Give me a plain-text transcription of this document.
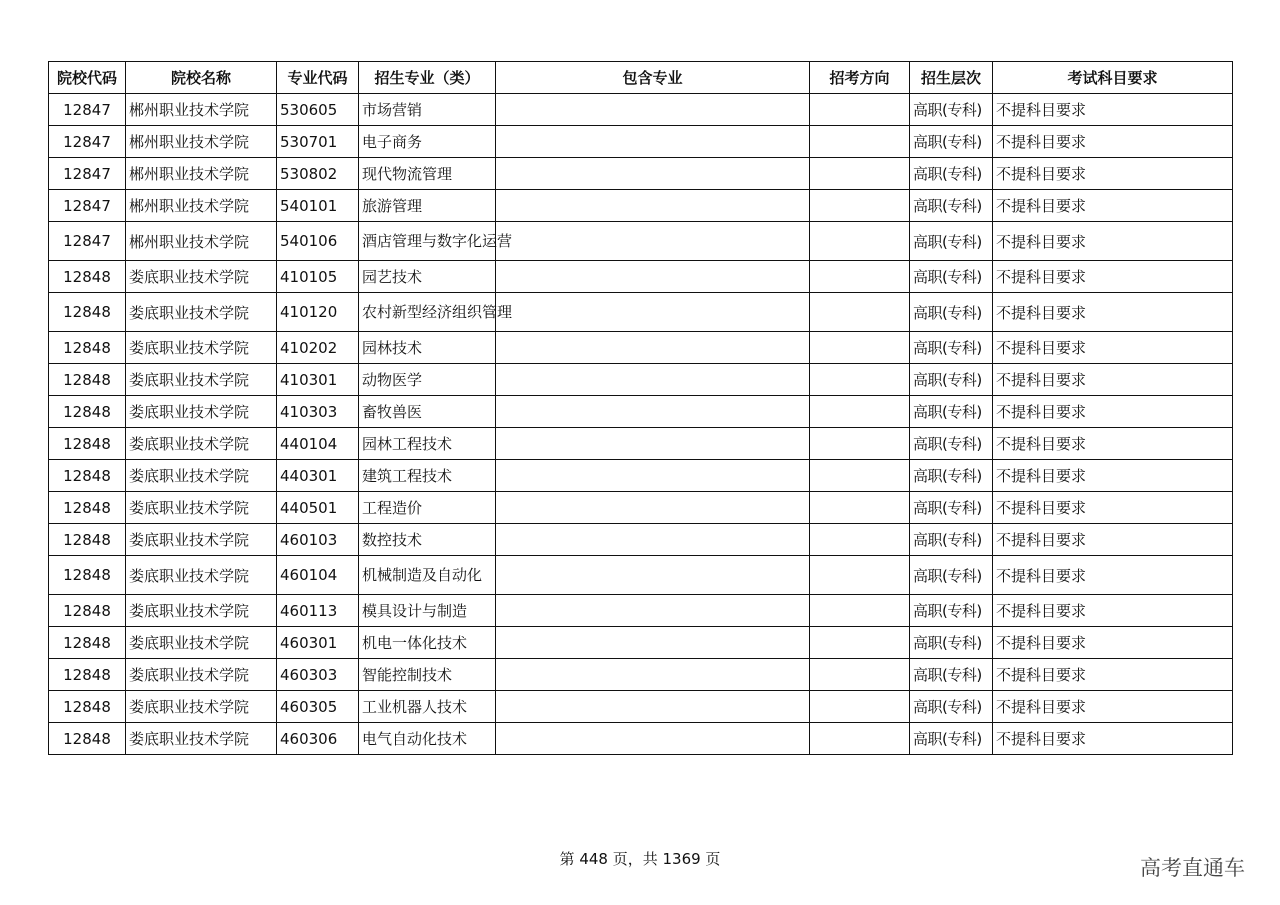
院校代码	院校名称	专业代码	招生专业（类）	包含专业	招考方向	招生层次	考试科目要求
12847	郴州职业技术学院	530605	市场营销			高职(专科)	不提科目要求
12847	郴州职业技术学院	530701	电子商务			高职(专科)	不提科目要求
12847	郴州职业技术学院	530802	现代物流管理			高职(专科)	不提科目要求
12847	郴州职业技术学院	540101	旅游管理			高职(专科)	不提科目要求
12847	郴州职业技术学院	540106	酒店管理与数字化运营			高职(专科)	不提科目要求
12848	娄底职业技术学院	410105	园艺技术			高职(专科)	不提科目要求
12848	娄底职业技术学院	410120	农村新型经济组织管理			高职(专科)	不提科目要求
12848	娄底职业技术学院	410202	园林技术			高职(专科)	不提科目要求
12848	娄底职业技术学院	410301	动物医学			高职(专科)	不提科目要求
12848	娄底职业技术学院	410303	畜牧兽医			高职(专科)	不提科目要求
12848	娄底职业技术学院	440104	园林工程技术			高职(专科)	不提科目要求
12848	娄底职业技术学院	440301	建筑工程技术			高职(专科)	不提科目要求
12848	娄底职业技术学院	440501	工程造价			高职(专科)	不提科目要求
12848	娄底职业技术学院	460103	数控技术			高职(专科)	不提科目要求
12848	娄底职业技术学院	460104	机械制造及自动化			高职(专科)	不提科目要求
12848	娄底职业技术学院	460113	模具设计与制造			高职(专科)	不提科目要求
12848	娄底职业技术学院	460301	机电一体化技术			高职(专科)	不提科目要求
12848	娄底职业技术学院	460303	智能控制技术			高职(专科)	不提科目要求
12848	娄底职业技术学院	460305	工业机器人技术			高职(专科)	不提科目要求
12848	娄底职业技术学院	460306	电气自动化技术			高职(专科)	不提科目要求
第 448 页，共 1369 页	高考直通车
